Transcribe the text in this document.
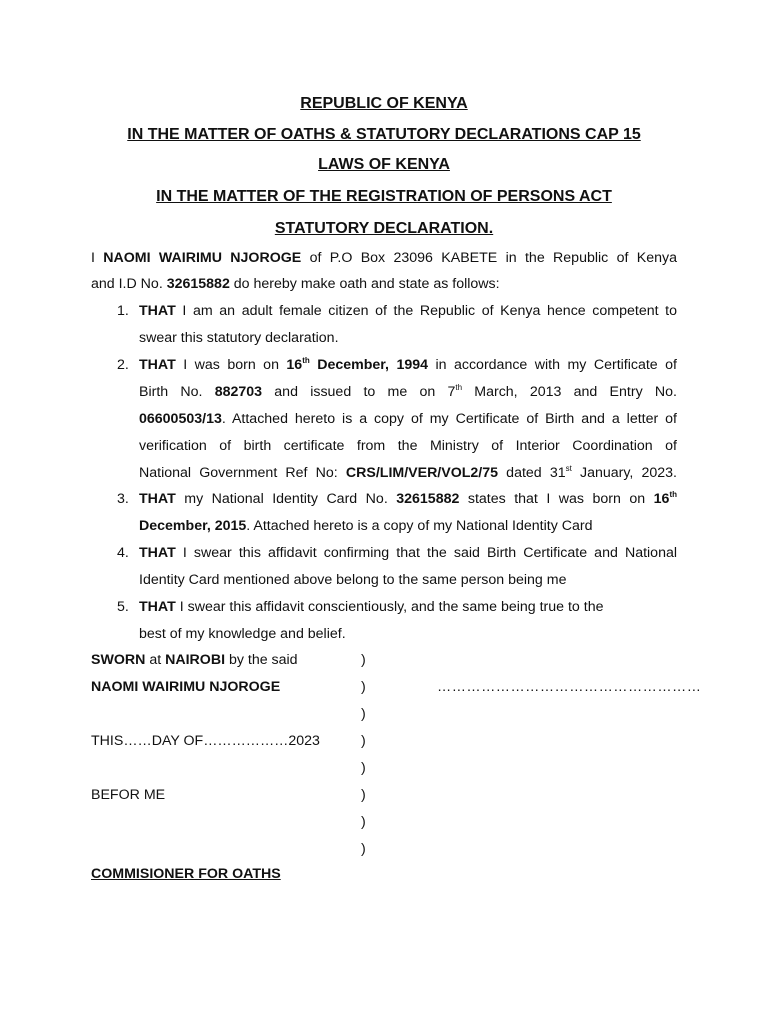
REPUBLIC OF KENYA
IN THE MATTER OF OATHS & STATUTORY DECLARATIONS CAP 15
LAWS OF KENYA
IN THE MATTER OF THE REGISTRATION OF PERSONS ACT
STATUTORY DECLARATION.
I NAOMI WAIRIMU NJOROGE of P.O Box 23096 KABETE in the Republic of Kenya
and I.D No. 32615882 do hereby make oath and state as follows:
1. THAT I am an adult female citizen of the Republic of Kenya hence competent to
swear this statutory declaration.
2. THAT I was born on 16th December, 1994 in accordance with my Certificate of
Birth No. 882703 and issued to me on 7th March, 2013 and Entry No.
06600503/13. Attached hereto is a copy of my Certificate of Birth and a letter of
verification of birth certificate from the Ministry of Interior Coordination of
National Government Ref No: CRS/LIM/VER/VOL2/75 dated 31st January, 2023.
3. THAT my National Identity Card No. 32615882 states that I was born on 16th
December, 2015. Attached hereto is a copy of my National Identity Card
4. THAT I swear this affidavit confirming that the said Birth Certificate and National
Identity Card mentioned above belong to the same person being me
5. THAT I swear this affidavit conscientiously, and the same being true to the
best of my knowledge and belief.
SWORN at NAIROBI by the said	)
NAOMI WAIRIMU NJOROGE	)	………………………………………………
)
THIS……DAY OF………………2023	)
)
BEFOR ME	)
)
)
COMMISIONER FOR OATHS
